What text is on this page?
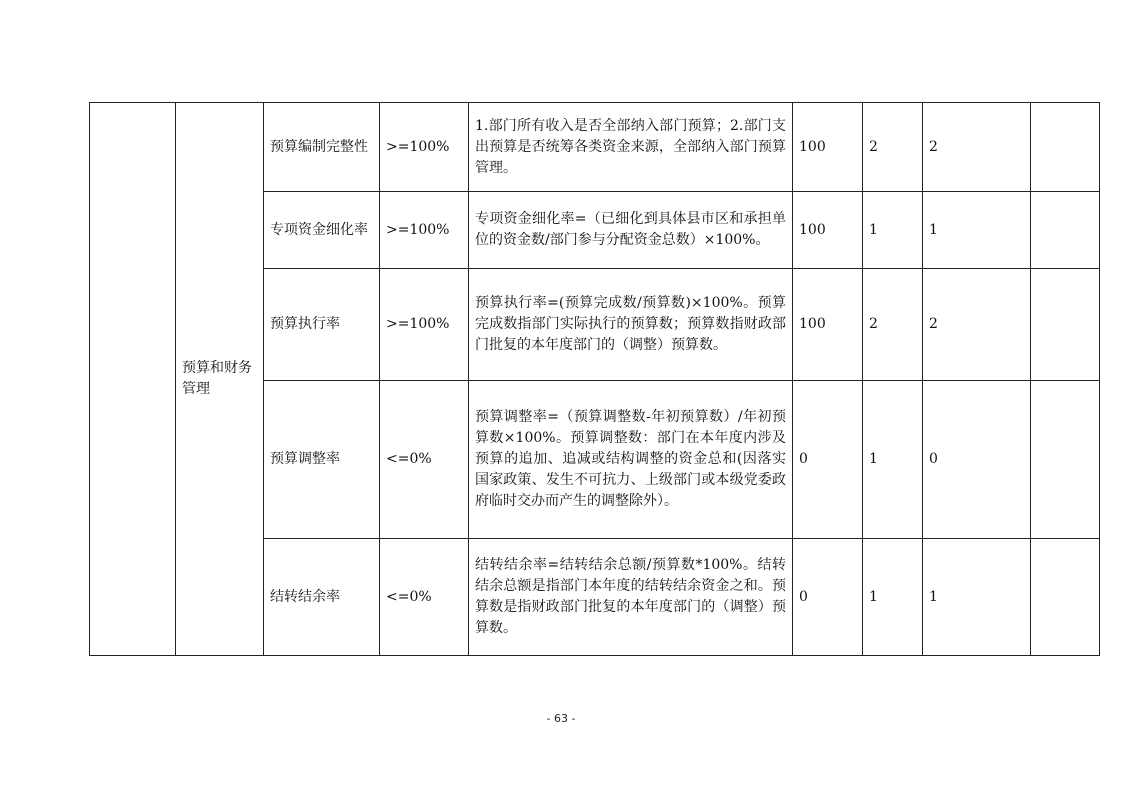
	预算和财务管理	预算编制完整性	>=100%	1.部门所有收入是否全部纳入部门预算；2.部门支出预算是否统筹各类资金来源，全部纳入部门预算管理。	100	2	2	
		专项资金细化率	>=100%	专项资金细化率=（已细化到具体县市区和承担单位的资金数/部门参与分配资金总数）×100%。	100	1	1	
		预算执行率	>=100%	预算执行率=(预算完成数/预算数)×100%。预算完成数指部门实际执行的预算数；预算数指财政部门批复的本年度部门的（调整）预算数。	100	2	2	
		预算调整率	<=0%	预算调整率=（预算调整数-年初预算数）/年初预算数×100%。预算调整数：部门在本年度内涉及预算的追加、追减或结构调整的资金总和(因落实国家政策、发生不可抗力、上级部门或本级党委政府临时交办而产生的调整除外）。	0	1	0	
		结转结余率	<=0%	结转结余率=结转结余总额/预算数*100%。结转结余总额是指部门本年度的结转结余资金之和。预算数是指财政部门批复的本年度部门的（调整）预算数。	0	1	1	
- 63 -
